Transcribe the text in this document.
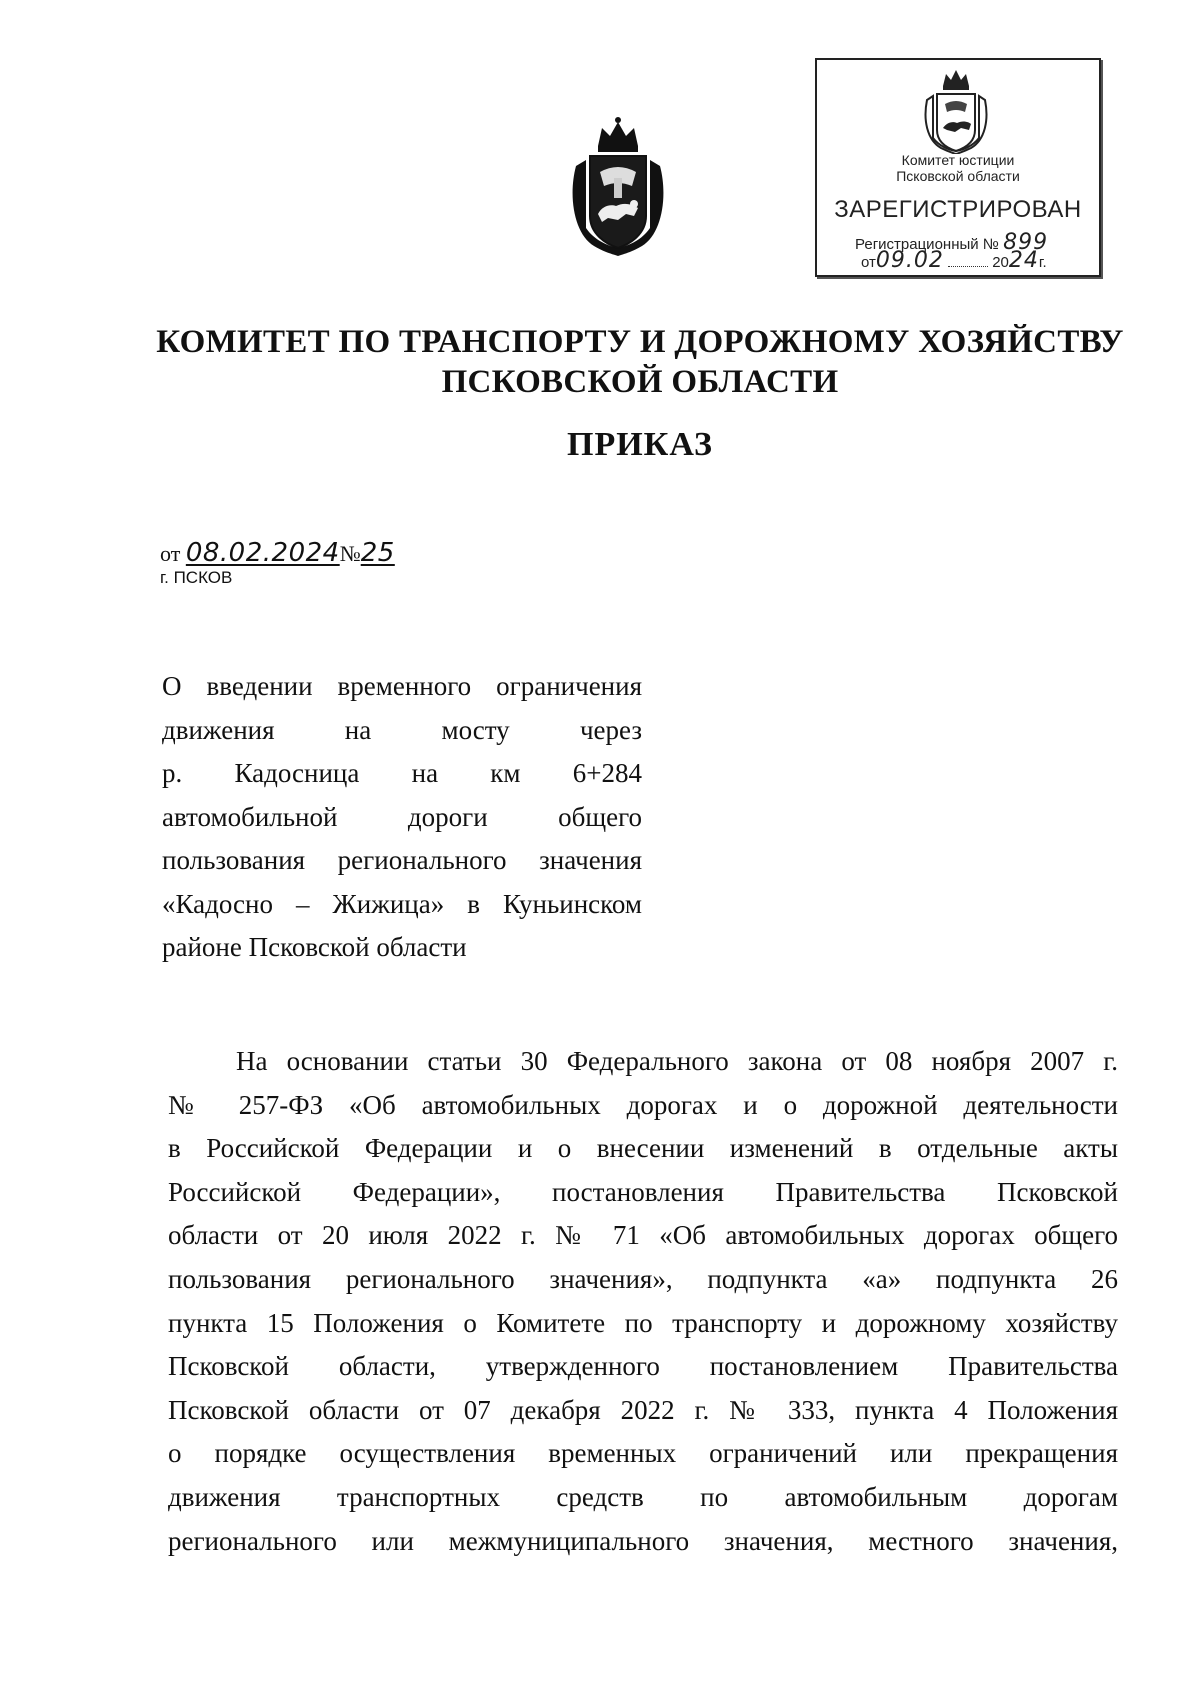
Комитет юстиции
Псковской области
ЗАРЕГИСТРИРОВАН
Регистрационный № 899
от09.02	2024г.
КОМИТЕТ ПО ТРАНСПОРТУ И ДОРОЖНОМУ ХОЗЯЙСТВУ
ПСКОВСКОЙ ОБЛАСТИ
ПРИКАЗ
от 08.02.2024№25
г. ПСКОВ
О введении временного ограничения
движения на мосту через
р. Кадосница на км 6+284
автомобильной дороги общего
пользования регионального значения
«Кадосно – Жижица» в Куньинском
районе Псковской области
На основании статьи 30 Федерального закона от 08 ноября 2007 г.
№ 257-ФЗ «Об автомобильных дорогах и о дорожной деятельности
в Российской Федерации и о внесении изменений в отдельные акты
Российской Федерации», постановления Правительства Псковской
области от 20 июля 2022 г. № 71 «Об автомобильных дорогах общего
пользования регионального значения», подпункта «а» подпункта 26
пункта 15 Положения о Комитете по транспорту и дорожному хозяйству
Псковской области, утвержденного постановлением Правительства
Псковской области от 07 декабря 2022 г. № 333, пункта 4 Положения
о порядке осуществления временных ограничений или прекращения
движения транспортных средств по автомобильным дорогам
регионального или межмуниципального значения, местного значения,
